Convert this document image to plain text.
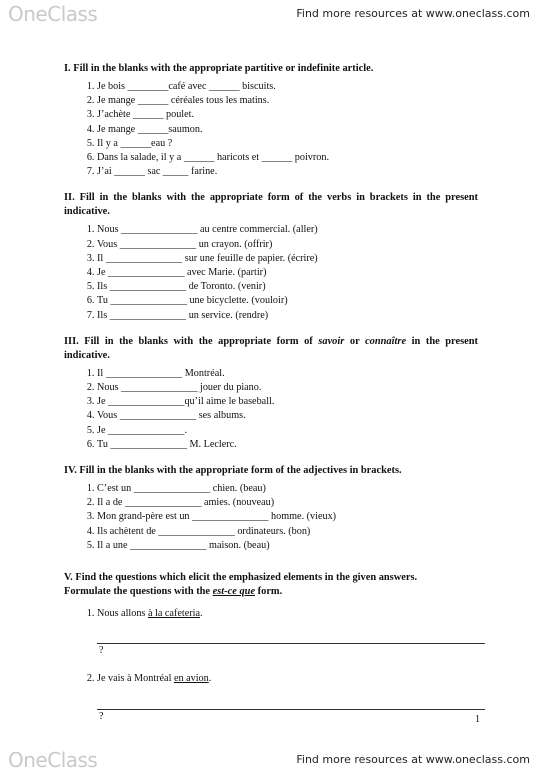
OneClass	Find more resources at www.oneclass.com
I. Fill in the blanks with the appropriate partitive or indefinite article.
1. Je bois ________café avec ______ biscuits.
2. Je mange ______ céréales tous les matins.
3. J’achète ______ poulet.
4. Je mange ______saumon.
5. Il y a ______eau ?
6. Dans la salade, il y a ______ haricots et ______ poivron.
7. J’ai ______ sac _____ farine.
II. Fill in the blanks with the appropriate form of the verbs in brackets in the present indicative.
1. Nous _______________ au centre commercial. (aller)
2. Vous _______________ un crayon. (offrir)
3. Il _______________ sur une feuille de papier. (écrire)
4. Je _______________ avec Marie. (partir)
5. Ils _______________ de Toronto. (venir)
6. Tu _______________ une bicyclette. (vouloir)
7. Ils _______________ un service. (rendre)
III. Fill in the blanks with the appropriate form of savoir or connaître in the present indicative.
1. Il _______________ Montréal.
2. Nous _______________ jouer du piano.
3. Je _______________qu’il aime le baseball.
4. Vous _______________ ses albums.
5. Je _______________.
6. Tu _______________ M. Leclerc.
IV. Fill in the blanks with the appropriate form of the adjectives in brackets.
1. C’est un _______________ chien. (beau)
2. Il a de _______________ amies. (nouveau)
3. Mon grand-père est un _______________ homme. (vieux)
4. Ils achètent de _______________ ordinateurs. (bon)
5. Il a une _______________ maison. (beau)
V. Find the questions which elicit the emphasized elements in the given answers.
Formulate the questions with the est-ce que form.
1. Nous allons à la cafeteria.
?
2. Je vais à Montréal en avion.
?	1
OneClass	Find more resources at www.oneclass.com
